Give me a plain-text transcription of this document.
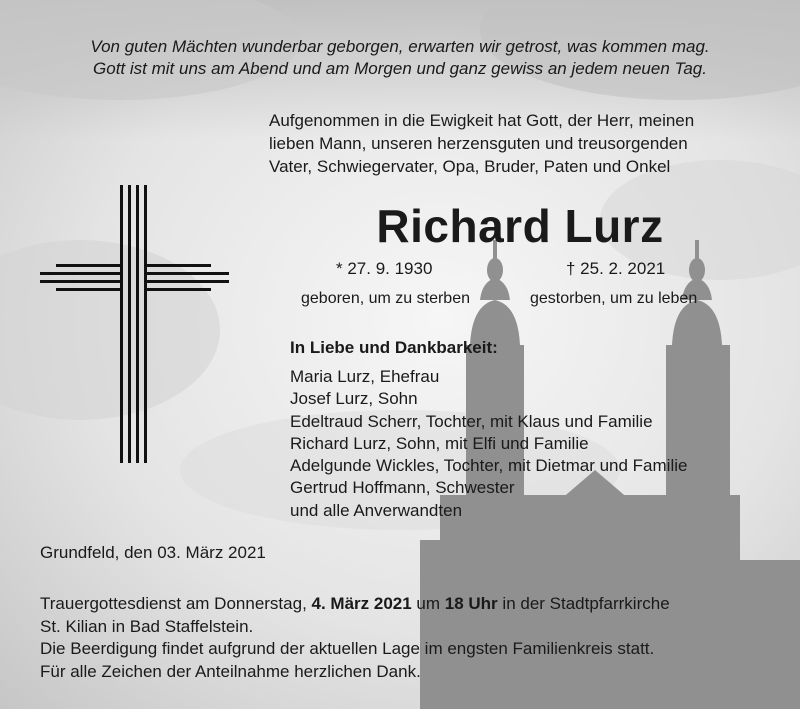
Von guten Mächten wunderbar geborgen, erwarten wir getrost, was kommen mag.
Gott ist mit uns am Abend und am Morgen und ganz gewiss an jedem neuen Tag.
Aufgenommen in die Ewigkeit hat Gott, der Herr, meinen
lieben Mann, unseren herzensguten und treusorgenden
Vater, Schwiegervater, Opa, Bruder, Paten und Onkel
Richard Lurz
* 27. 9. 1930	† 25. 2. 2021
geboren, um zu sterben	gestorben, um zu leben
In Liebe und Dankbarkeit:
Maria Lurz, Ehefrau
Josef Lurz, Sohn
Edeltraud Scherr, Tochter, mit Klaus und Familie
Richard Lurz, Sohn, mit Elfi und Familie
Adelgunde Wickles, Tochter, mit Dietmar und Familie
Gertrud Hoffmann, Schwester
und alle Anverwandten
Grundfeld, den 03. März 2021
Trauergottesdienst am Donnerstag, 4. März 2021 um 18 Uhr in der Stadtpfarrkirche
St. Kilian in Bad Staffelstein.
Die Beerdigung findet aufgrund der aktuellen Lage im engsten Familienkreis statt.
Für alle Zeichen der Anteilnahme herzlichen Dank.
